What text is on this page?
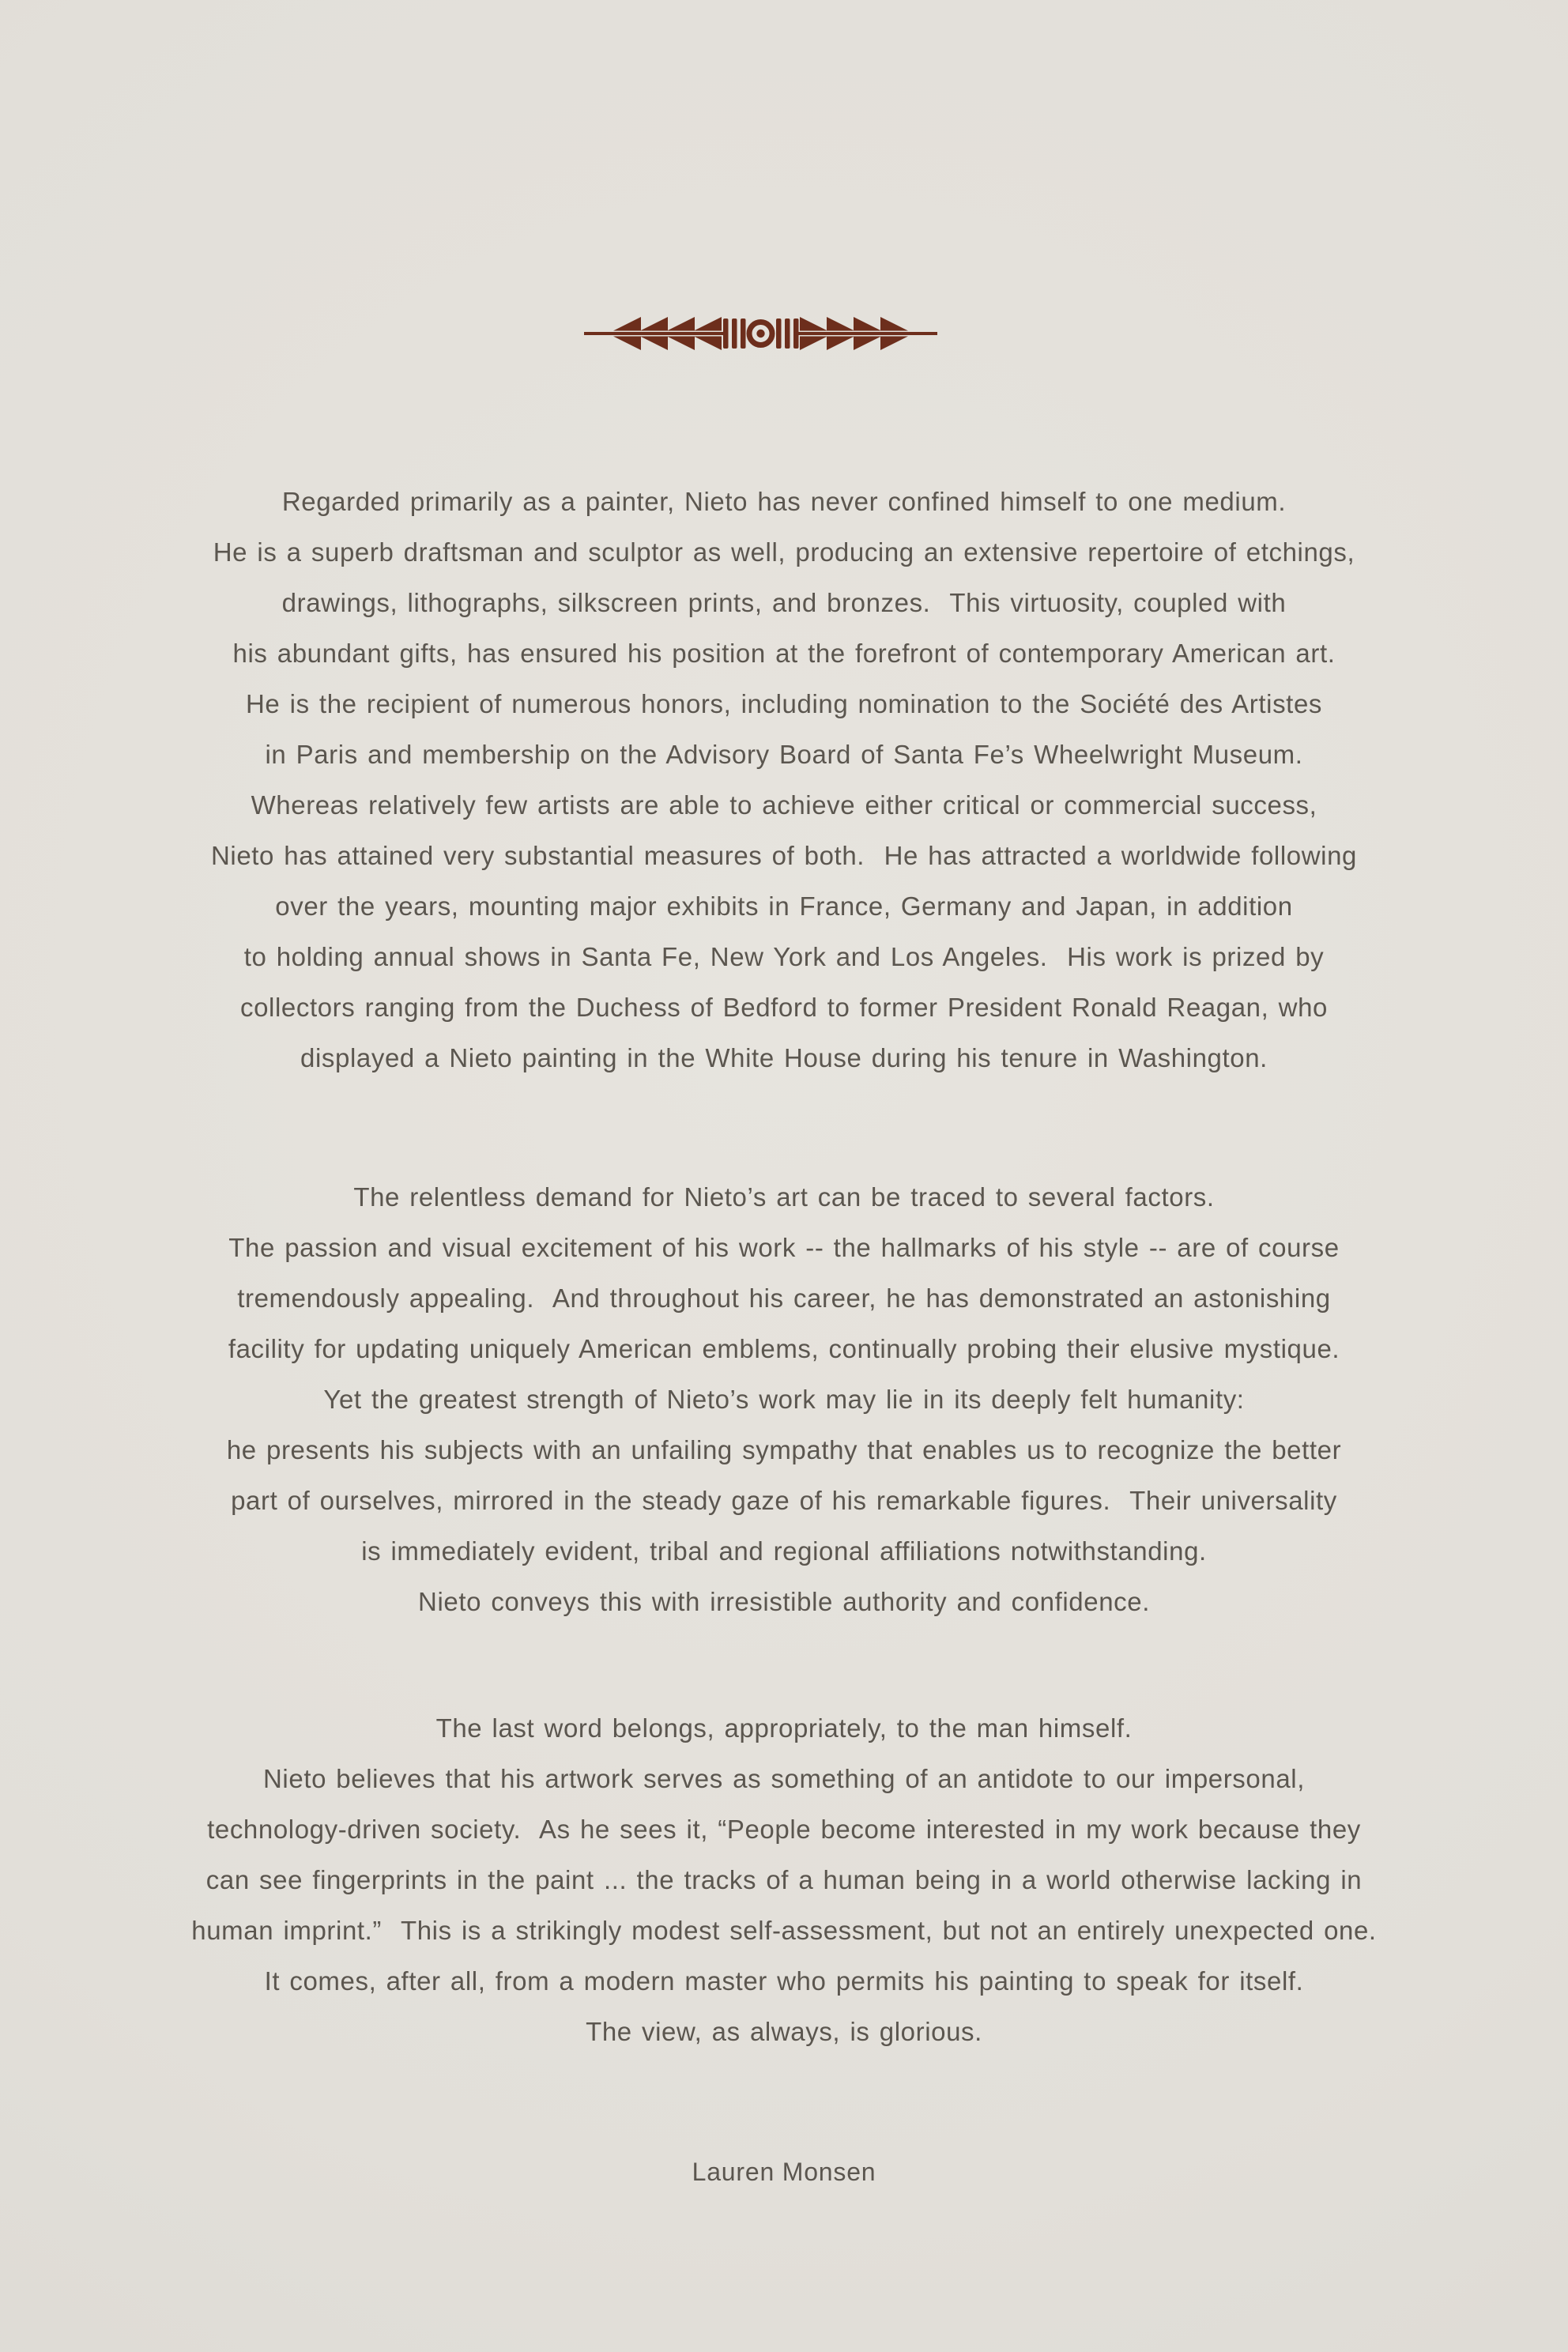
Regarded primarily as a painter, Nieto has never confined himself to one medium.
He is a superb draftsman and sculptor as well, producing an extensive repertoire of etchings,
drawings, lithographs, silkscreen prints, and bronzes.  This virtuosity, coupled with
his abundant gifts, has ensured his position at the forefront of contemporary American art.
He is the recipient of numerous honors, including nomination to the Société des Artistes
in Paris and membership on the Advisory Board of Santa Fe’s Wheelwright Museum.
Whereas relatively few artists are able to achieve either critical or commercial success,
Nieto has attained very substantial measures of both.  He has attracted a worldwide following
over the years, mounting major exhibits in France, Germany and Japan, in addition
to holding annual shows in Santa Fe, New York and Los Angeles.  His work is prized by
collectors ranging from the Duchess of Bedford to former President Ronald Reagan, who
displayed a Nieto painting in the White House during his tenure in Washington.
The relentless demand for Nieto’s art can be traced to several factors.
The passion and visual excitement of his work -- the hallmarks of his style -- are of course
tremendously appealing.  And throughout his career, he has demonstrated an astonishing
facility for updating uniquely American emblems, continually probing their elusive mystique.
Yet the greatest strength of Nieto’s work may lie in its deeply felt humanity:
he presents his subjects with an unfailing sympathy that enables us to recognize the better
part of ourselves, mirrored in the steady gaze of his remarkable figures.  Their universality
is immediately evident, tribal and regional affiliations notwithstanding.
Nieto conveys this with irresistible authority and confidence.
The last word belongs, appropriately, to the man himself.
Nieto believes that his artwork serves as something of an antidote to our impersonal,
technology-driven society.  As he sees it, “People become interested in my work because they
can see fingerprints in the paint ... the tracks of a human being in a world otherwise lacking in
human imprint.”  This is a strikingly modest self-assessment, but not an entirely unexpected one.
It comes, after all, from a modern master who permits his painting to speak for itself.
The view, as always, is glorious.
Lauren Monsen
